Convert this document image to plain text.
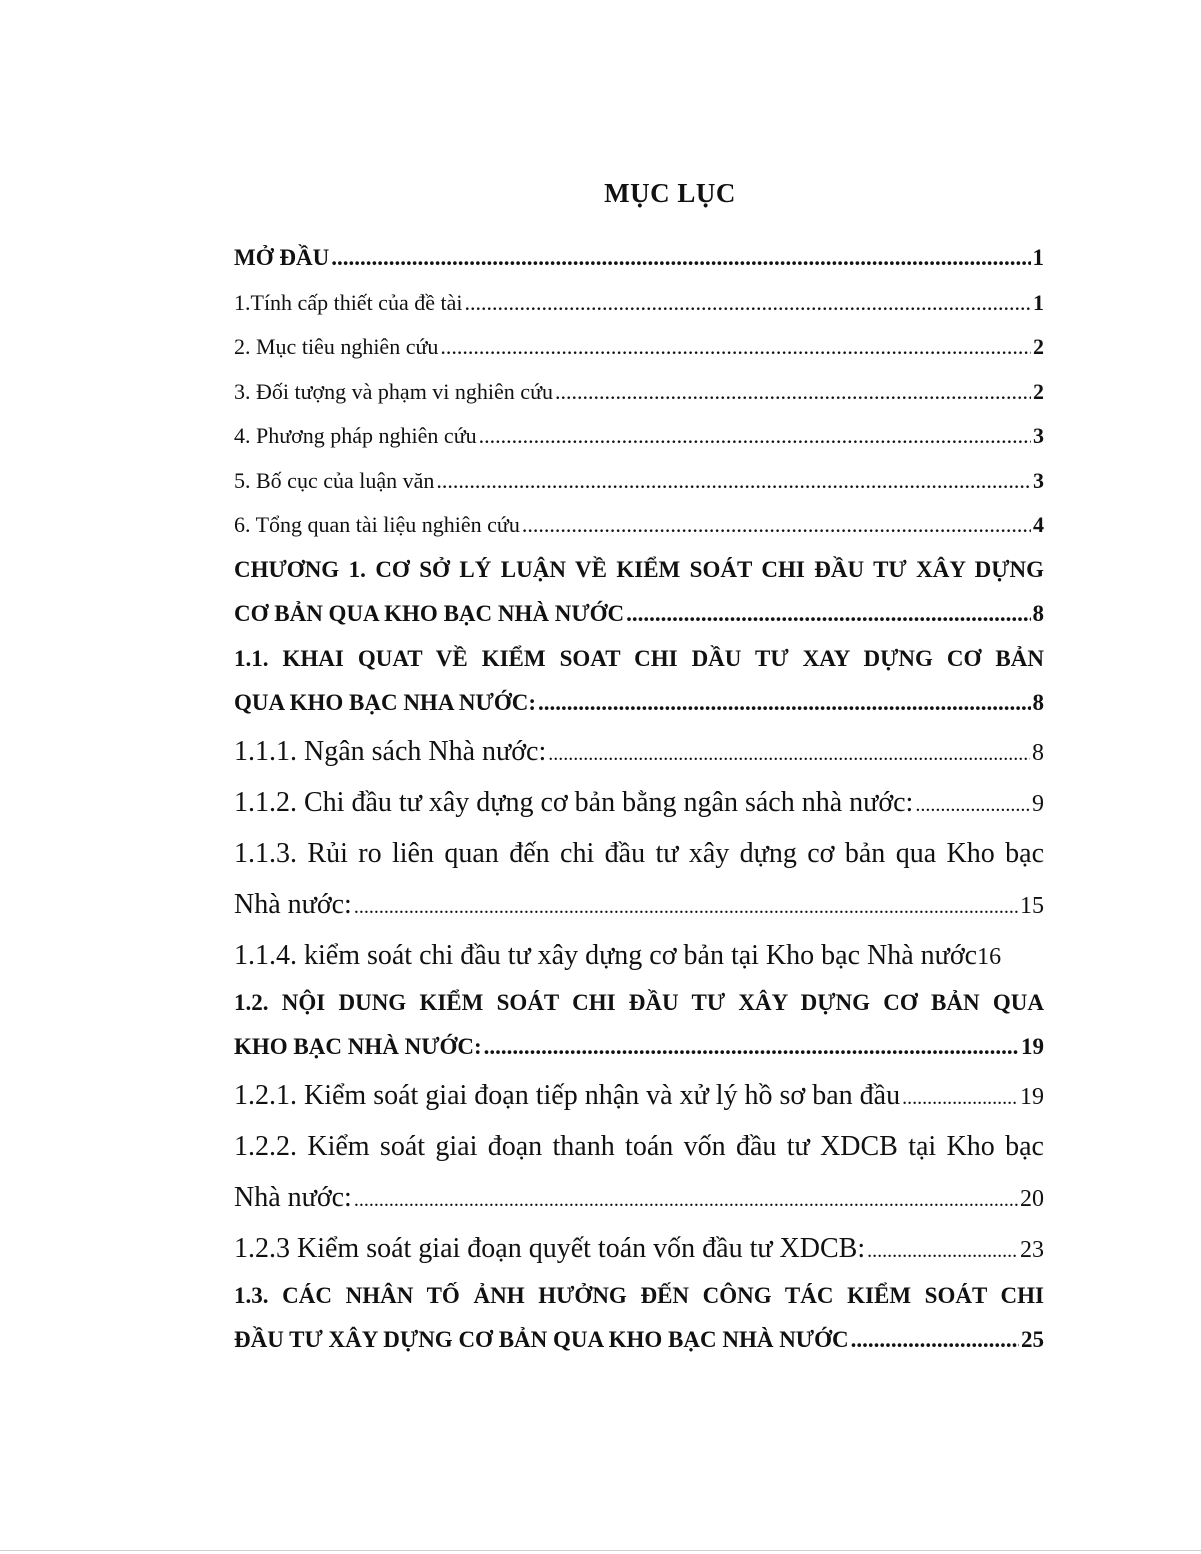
MỤC LỤC
MỞ ĐẦU .....	1
1.Tính cấp thiết của đề tài .....	1
2. Mục tiêu nghiên cứu .....	2
3. Đối tượng và phạm vi nghiên cứu .....	2
4. Phương pháp nghiên cứu .....	3
5. Bố cục của luận văn .....	3
6. Tổng quan tài liệu nghiên cứu .....	4
CHƯƠNG 1. CƠ SỞ LÝ LUẬN VỀ KIỂM SOÁT CHI ĐẦU TƯ XÂY DỰNG
CƠ BẢN QUA KHO BẠC NHÀ NƯỚC .....	8
1.1. KHAI QUAT VỀ KIỂM SOAT CHI DẦU TƯ XAY DỰNG CƠ BẢN
QUA KHO BẠC NHA NƯỚC: .....	8
1.1.1. Ngân sách Nhà nước: .....	8
1.1.2. Chi đầu tư xây dựng cơ bản bằng ngân sách nhà nước: .....	9
1.1.3. Rủi ro liên quan đến chi đầu tư xây dựng cơ bản qua Kho bạc
Nhà nước: .....	15
1.1.4. kiểm soát chi đầu tư xây dựng cơ bản tại Kho bạc Nhà nước 16
1.2. NỘI DUNG KIỂM SOÁT CHI ĐẦU TƯ XÂY DỰNG CƠ BẢN QUA
KHO BẠC NHÀ NƯỚC: .....	19
1.2.1. Kiểm soát giai đoạn tiếp nhận và xử lý hồ sơ ban đầu .....	19
1.2.2. Kiểm soát giai đoạn thanh toán vốn đầu tư XDCB tại Kho bạc
Nhà nước: .....	20
1.2.3 Kiểm soát giai đoạn quyết toán vốn đầu tư XDCB: .....	23
1.3. CÁC NHÂN TỐ ẢNH HƯỞNG ĐẾN CÔNG TÁC KIỂM SOÁT CHI
ĐẦU TƯ XÂY DỰNG CƠ BẢN QUA KHO BẠC NHÀ NƯỚC .....	25
